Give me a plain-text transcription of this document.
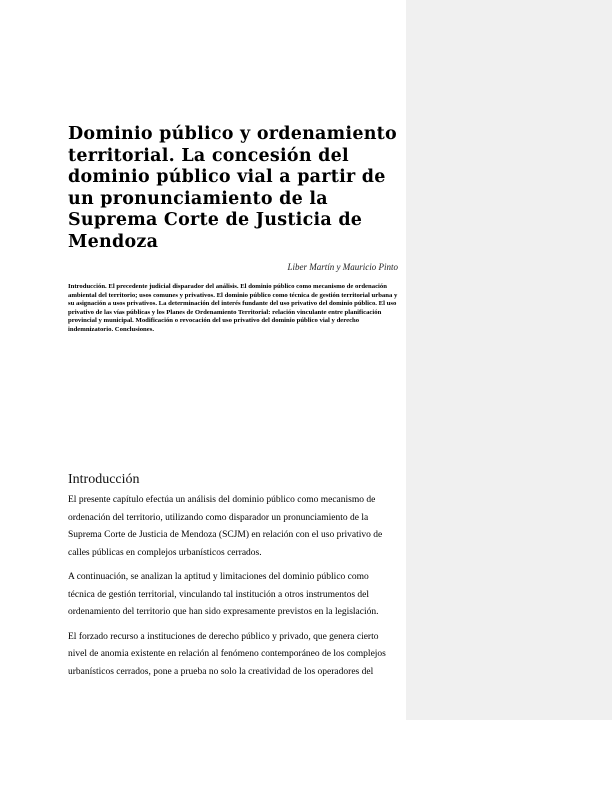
Dominio público y ordenamiento territorial. La concesión del dominio público vial a partir de un pronunciamiento de la Suprema Corte de Justicia de Mendoza
Liber Martín y Mauricio Pinto

Introducción. El precedente judicial disparador del análisis. El dominio público como mecanismo de ordenación ambiental del territorio; usos comunes y privativos. El dominio público como técnica de gestión territorial urbana y su asignación a usos privativos. La determinación del interés fundante del uso privativo del dominio público. El uso privativo de las vías públicas y los Planes de Ordenamiento Territorial: relación vinculante entre planificación provincial y municipal. Modificación o revocación del uso privativo del dominio público vial y derecho indemnizatorio. Conclusiones.

Introducción

El presente capítulo efectúa un análisis del dominio público como mecanismo de ordenación del territorio, utilizando como disparador un pronunciamiento de la Suprema Corte de Justicia de Mendoza (SCJM) en relación con el uso privativo de calles públicas en complejos urbanísticos cerrados.

A continuación, se analizan la aptitud y limitaciones del dominio público como técnica de gestión territorial, vinculando tal institución a otros instrumentos del ordenamiento del territorio que han sido expresamente previstos en la legislación.

El forzado recurso a instituciones de derecho público y privado, que genera cierto nivel de anomia existente en relación al fenómeno contemporáneo de los complejos urbanísticos cerrados, pone a prueba no solo la creatividad de los operadores del
